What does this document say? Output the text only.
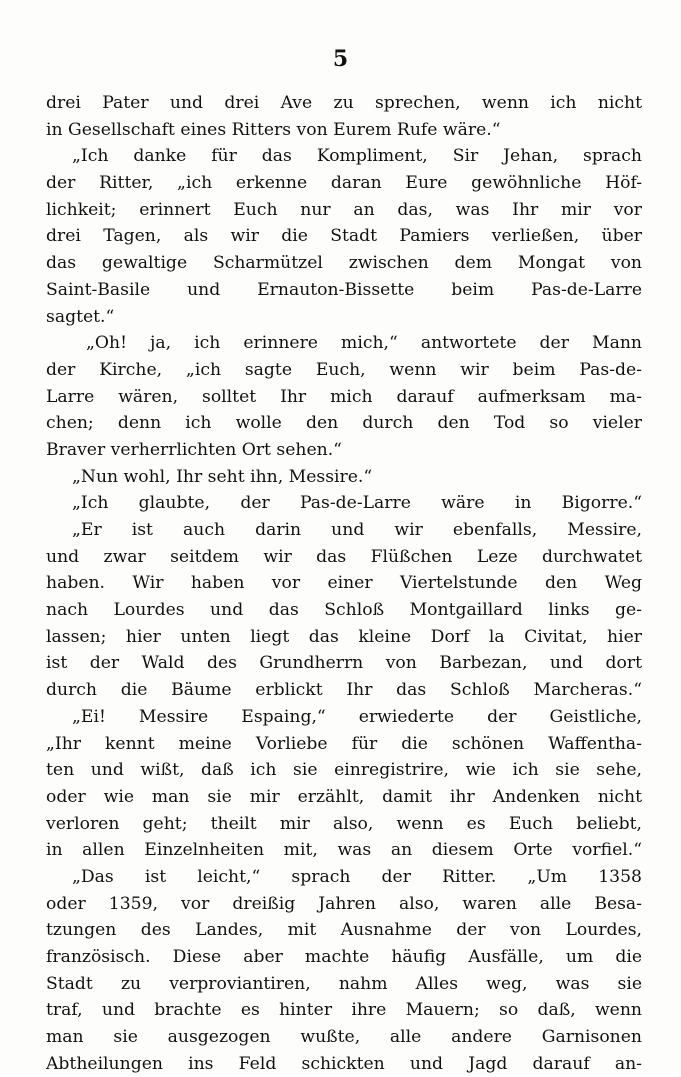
5
drei Pater und drei Ave zu sprechen, wenn ich nicht
in Gesellschaft eines Ritters von Eurem Rufe wäre.“
„Ich danke für das Kompliment, Sir Jehan, sprach
der Ritter, „ich erkenne daran Eure gewöhnliche Höf-
lichkeit; erinnert Euch nur an das, was Ihr mir vor
drei Tagen, als wir die Stadt Pamiers verließen, über
das gewaltige Scharmützel zwischen dem Mongat von
Saint-Basile und Ernauton-Bissette beim Pas-de-Larre
sagtet.“
„Oh! ja, ich erinnere mich,“ antwortete der Mann
der Kirche, „ich sagte Euch, wenn wir beim Pas-de-
Larre wären, solltet Ihr mich darauf aufmerksam ma-
chen; denn ich wolle den durch den Tod so vieler
Braver verherrlichten Ort sehen.“
„Nun wohl, Ihr seht ihn, Messire.“
„Ich glaubte, der Pas-de-Larre wäre in Bigorre.“
„Er ist auch darin und wir ebenfalls, Messire,
und zwar seitdem wir das Flüßchen Leze durchwatet
haben. Wir haben vor einer Viertelstunde den Weg
nach Lourdes und das Schloß Montgaillard links ge-
lassen; hier unten liegt das kleine Dorf la Civitat, hier
ist der Wald des Grundherrn von Barbezan, und dort
durch die Bäume erblickt Ihr das Schloß Marcheras.“
„Ei! Messire Espaing,“ erwiederte der Geistliche,
„Ihr kennt meine Vorliebe für die schönen Waffentha-
ten und wißt, daß ich sie einregistrire, wie ich sie sehe,
oder wie man sie mir erzählt, damit ihr Andenken nicht
verloren geht; theilt mir also, wenn es Euch beliebt,
in allen Einzelnheiten mit, was an diesem Orte vorfiel.“
„Das ist leicht,“ sprach der Ritter. „Um 1358
oder 1359, vor dreißig Jahren also, waren alle Besa-
tzungen des Landes, mit Ausnahme der von Lourdes,
französisch. Diese aber machte häufig Ausfälle, um die
Stadt zu verproviantiren, nahm Alles weg, was sie
traf, und brachte es hinter ihre Mauern; so daß, wenn
man sie ausgezogen wußte, alle andere Garnisonen
Abtheilungen ins Feld schickten und Jagd darauf an-
